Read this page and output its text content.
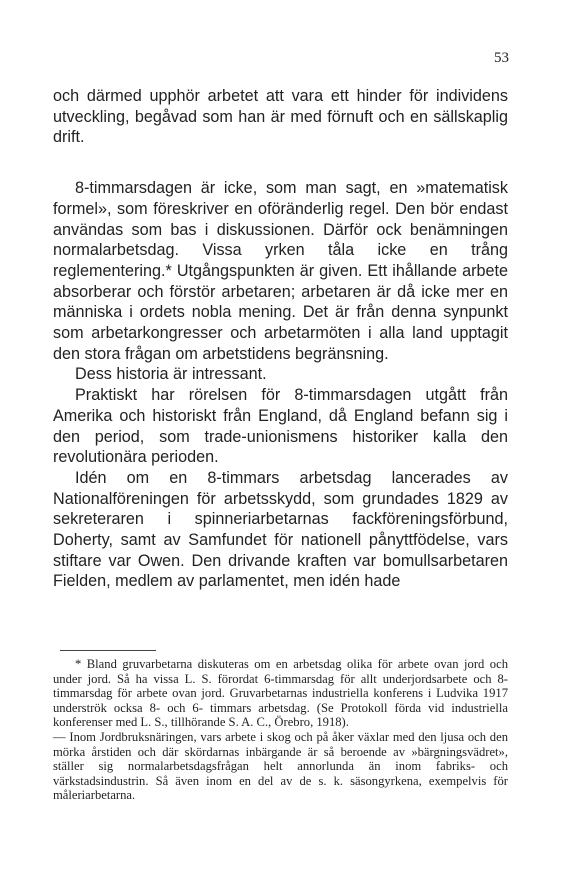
53

och därmed upphör arbetet att vara ett hinder för individens utveckling, begåvad som han är med förnuft och en sällskaplig drift.

8-timmarsdagen är icke, som man sagt, en »matematisk formel», som föreskriver en oföränderlig regel. Den bör endast användas som bas i diskussionen. Därför ock benämningen normalarbetsdag. Vissa yrken tåla icke en trång reglementering.* Utgångspunkten är given. Ett ihållande arbete absorberar och förstör arbetaren; arbetaren är då icke mer en människa i ordets nobla mening. Det är från denna synpunkt som arbetarkongresser och arbetarmöten i alla land upptagit den stora frågan om arbetstidens begränsning.

Dess historia är intressant.

Praktiskt har rörelsen för 8-timmarsdagen utgått från Amerika och historiskt från England, då England befann sig i den period, som trade-unionismens historiker kalla den revolutionära perioden.

Idén om en 8-timmars arbetsdag lancerades av Nationalföreningen för arbetsskydd, som grundades 1829 av sekreteraren i spinneriarbetarnas fackföreningsförbund, Doherty, samt av Samfundet för nationell pånyttfödelse, vars stiftare var Owen. Den drivande kraften var bomullsarbetaren Fielden, medlem av parlamentet, men idén hade

* Bland gruvarbetarna diskuteras om en arbetsdag olika för arbete ovan jord och under jord. Så ha vissa L. S. förordat 6-timmarsdag för allt underjordsarbete och 8-timmarsdag för arbete ovan jord. Gruvarbetarnas industriella konferens i Ludvika 1917 underströk ocksa 8- och 6- timmars arbetsdag. (Se Protokoll förda vid industriella konferenser med L. S., tillhörande S. A. C., Örebro, 1918).

— Inom Jordbruksnäringen, vars arbete i skog och på åker växlar med den ljusa och den mörka årstiden och där skördarnas inbärgande är så beroende av »bärgningsvädret», ställer sig normalarbetsdagsfrågan helt annorlunda än inom fabriks- och värkstadsindustrin. Så även inom en del av de s. k. säsongyrkena, exempelvis för måleriarbetarna.
